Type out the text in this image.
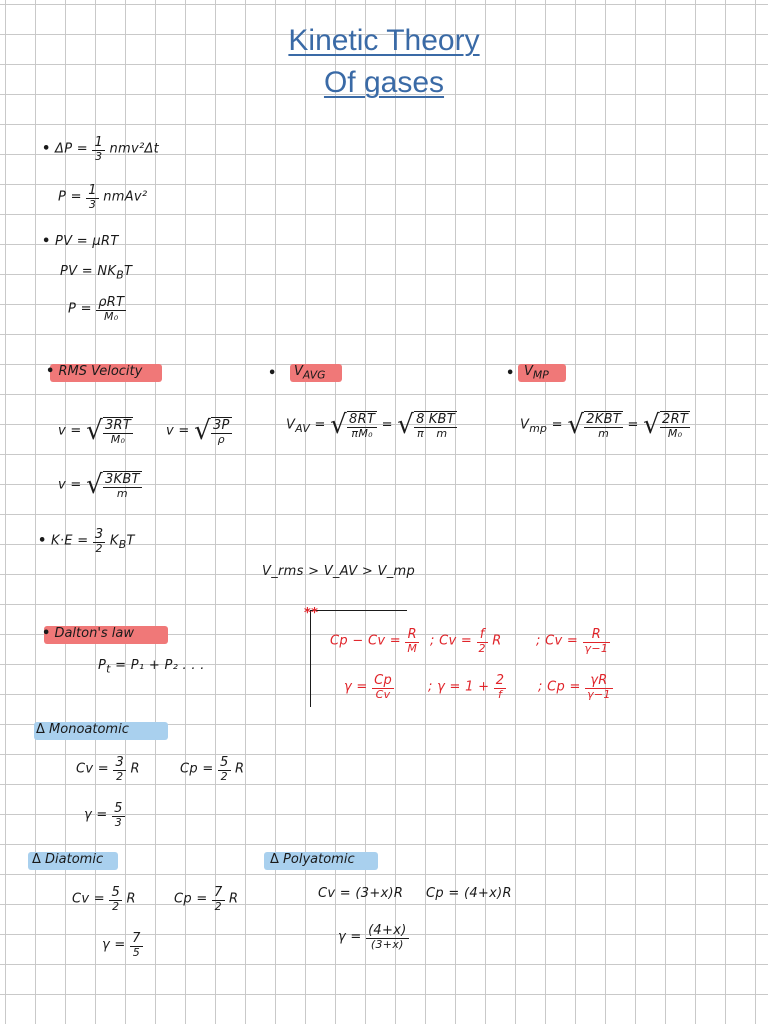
Kinetic Theory
Of gases
• $\Delta P = \frac{1}{3} nmv^2\Delta t$
$P = \frac{1}{3}$ nmAv²
• PV = μRT
PV = $NK_BT$
$P = \frac{\text{ρRT}}{\text{M₀}}$
• RMS Velocity	• $V_{AVG}$	• $V_{MP}$
v = √ $\frac{3RT}{\text{M₀}}$	v = √ $\frac{3P}{\rho}$
v = √ $\frac{\text{3KBT}}{m}$
$V_{AV}$ = √ $\frac{8RT}{\text{πM₀}}$ = √ $\frac{8}{\pi} \frac{\text{KBT}}{m}$	$V_{mp}$ = √ $\frac{\text{2KBT}}{m}$ = √ $\frac{2RT}{\text{M₀}}$
• $K\cdot E = \frac{3}{2} K_BT$
V_rms > V_AV > V_mp
• Dalton's law
$P_t = P_1 + P_2$ . . .
**
$Cp - Cv = \frac{R}{M}$ ; $Cv = \frac{f}{2}$ R	; $Cv = \frac{R}{\gamma-1}$
$\gamma = \frac{Cp}{Cv}$	; $\gamma = 1 + \frac{2}{f}$ ; $Cp = \frac{\gamma R}{\gamma-1}$
Δ Monoatomic
$Cv = \frac{3}{2}$ R	$Cp = \frac{5}{2}$ R
$\gamma = \frac{5}{3}$
Δ Diatomic
$Cv = \frac{5}{2}$ R	$Cp = \frac{7}{2}$ R
$\gamma = \frac{7}{5}$
Δ Polyatomic
Cv = (3+x)R Cp = (4+x)R
$\gamma = \frac{(4+x)}{(3+x)}$
